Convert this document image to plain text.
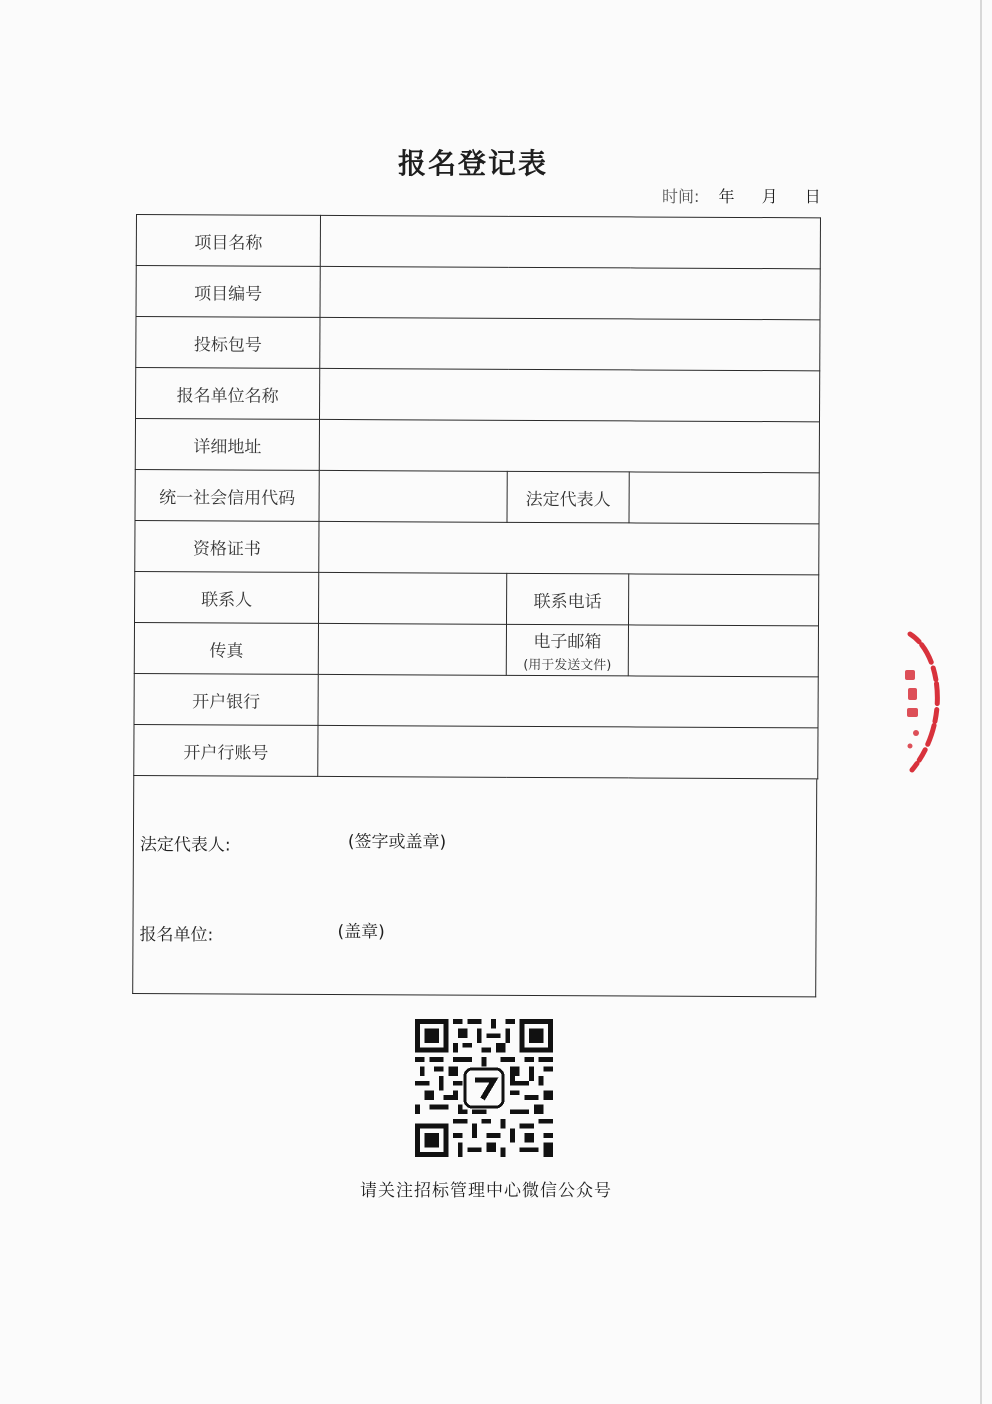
报名登记表
时间: 年 月 日
项目名称			
项目编号			
投标包号			
报名单位名称			
详细地址			
统一社会信用代码		法定代表人	
资格证书			
联系人		联系电话	
传真		电子邮箱
(用于发送文件)	

开户银行			
开户行账号			
法定代表人:	(签字或盖章)
报名单位:	(盖章)
请关注招标管理中心微信公众号
